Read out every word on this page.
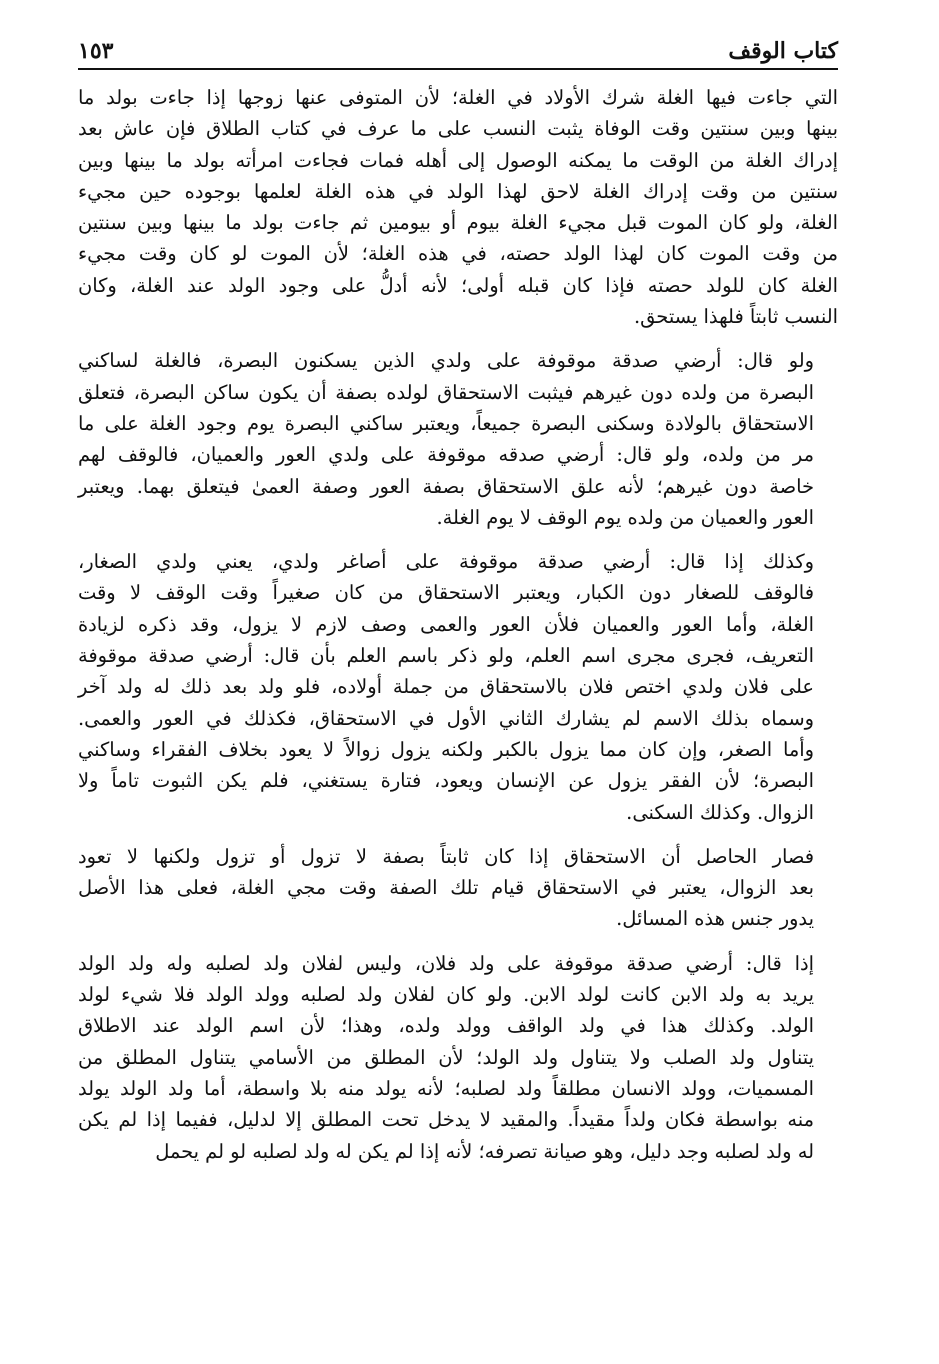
كتاب الوقف
١٥٣
التي جاءت فيها الغلة شرك الأولاد في الغلة؛ لأن المتوفى عنها زوجها إذا جاءت بولد ما
بينها وبين سنتين وقت الوفاة يثبت النسب على ما عرف في كتاب الطلاق فإن عاش بعد
إدراك الغلة من الوقت ما يمكنه الوصول إلى أهله فمات فجاءت امرأته بولد ما بينها وبين
سنتين من وقت إدراك الغلة لاحق لهذا الولد في هذه الغلة لعلمها بوجوده حين مجيء
الغلة، ولو كان الموت قبل مجيء الغلة بيوم أو بيومين ثم جاءت بولد ما بينها وبين سنتين
من وقت الموت كان لهذا الولد حصته، في هذه الغلة؛ لأن الموت لو كان وقت مجيء
الغلة كان للولد حصته فإذا كان قبله أولى؛ لأنه أدلُّ على وجود الولد عند الغلة، وكان
النسب ثابتاً فلهذا يستحق.
ولو قال: أرضي صدقة موقوفة على ولدي الذين يسكنون البصرة، فالغلة لساكني
البصرة من ولده دون غيرهم فيثبت الاستحقاق لولده بصفة أن يكون ساكن البصرة، فتعلق
الاستحقاق بالولادة وسكنى البصرة جميعاً، ويعتبر ساكني البصرة يوم وجود الغلة على ما
مر من ولده، ولو قال: أرضي صدقه موقوفة على ولدي العور والعميان، فالوقف لهم
خاصة دون غيرهم؛ لأنه علق الاستحقاق بصفة العور وصفة العمىٰ فيتعلق بهما. ويعتبر
العور والعميان من ولده يوم الوقف لا يوم الغلة.
وكذلك إذا قال: أرضي صدقة موقوفة على أصاغر ولدي، يعني ولدي الصغار،
فالوقف للصغار دون الكبار، ويعتبر الاستحقاق من كان صغيراً وقت الوقف لا وقت
الغلة، وأما العور والعميان فلأن العور والعمى وصف لازم لا يزول، وقد ذكره لزيادة
التعريف، فجرى مجرى اسم العلم، ولو ذكر باسم العلم بأن قال: أرضي صدقة موقوفة
على فلان ولدي اختص فلان بالاستحقاق من جملة أولاده، فلو ولد بعد ذلك له ولد آخر
وسماه بذلك الاسم لم يشارك الثاني الأول في الاستحقاق، فكذلك في العور والعمى.
وأما الصغر، وإن كان مما يزول بالكبر ولكنه يزول زوالاً لا يعود بخلاف الفقراء وساكني
البصرة؛ لأن الفقر يزول عن الإنسان ويعود، فتارة يستغني، فلم يكن الثبوت تاماً ولا
الزوال. وكذلك السكنى.
فصار الحاصل أن الاستحقاق إذا كان ثابتاً بصفة لا تزول أو تزول ولكنها لا تعود
بعد الزوال، يعتبر في الاستحقاق قيام تلك الصفة وقت مجي الغلة، فعلى هذا الأصل
يدور جنس هذه المسائل.
إذا قال: أرضي صدقة موقوفة على ولد فلان، وليس لفلان ولد لصلبه وله ولد الولد
يريد به ولد الابن كانت لولد الابن. ولو كان لفلان ولد لصلبه وولد الولد فلا شيء لولد
الولد. وكذلك هذا في ولد الواقف وولد ولده، وهذا؛ لأن اسم الولد عند الاطلاق
يتناول ولد الصلب ولا يتناول ولد الولد؛ لأن المطلق من الأسامي يتناول المطلق من
المسميات، وولد الانسان مطلقاً ولد لصلبه؛ لأنه يولد منه بلا واسطة، أما ولد الولد يولد
منه بواسطة فكان ولداً مقيداً. والمقيد لا يدخل تحت المطلق إلا لدليل، ففيما إذا لم يكن
له ولد لصلبه وجد دليل، وهو صيانة تصرفه؛ لأنه إذا لم يكن له ولد لصلبه لو لم يحمل
